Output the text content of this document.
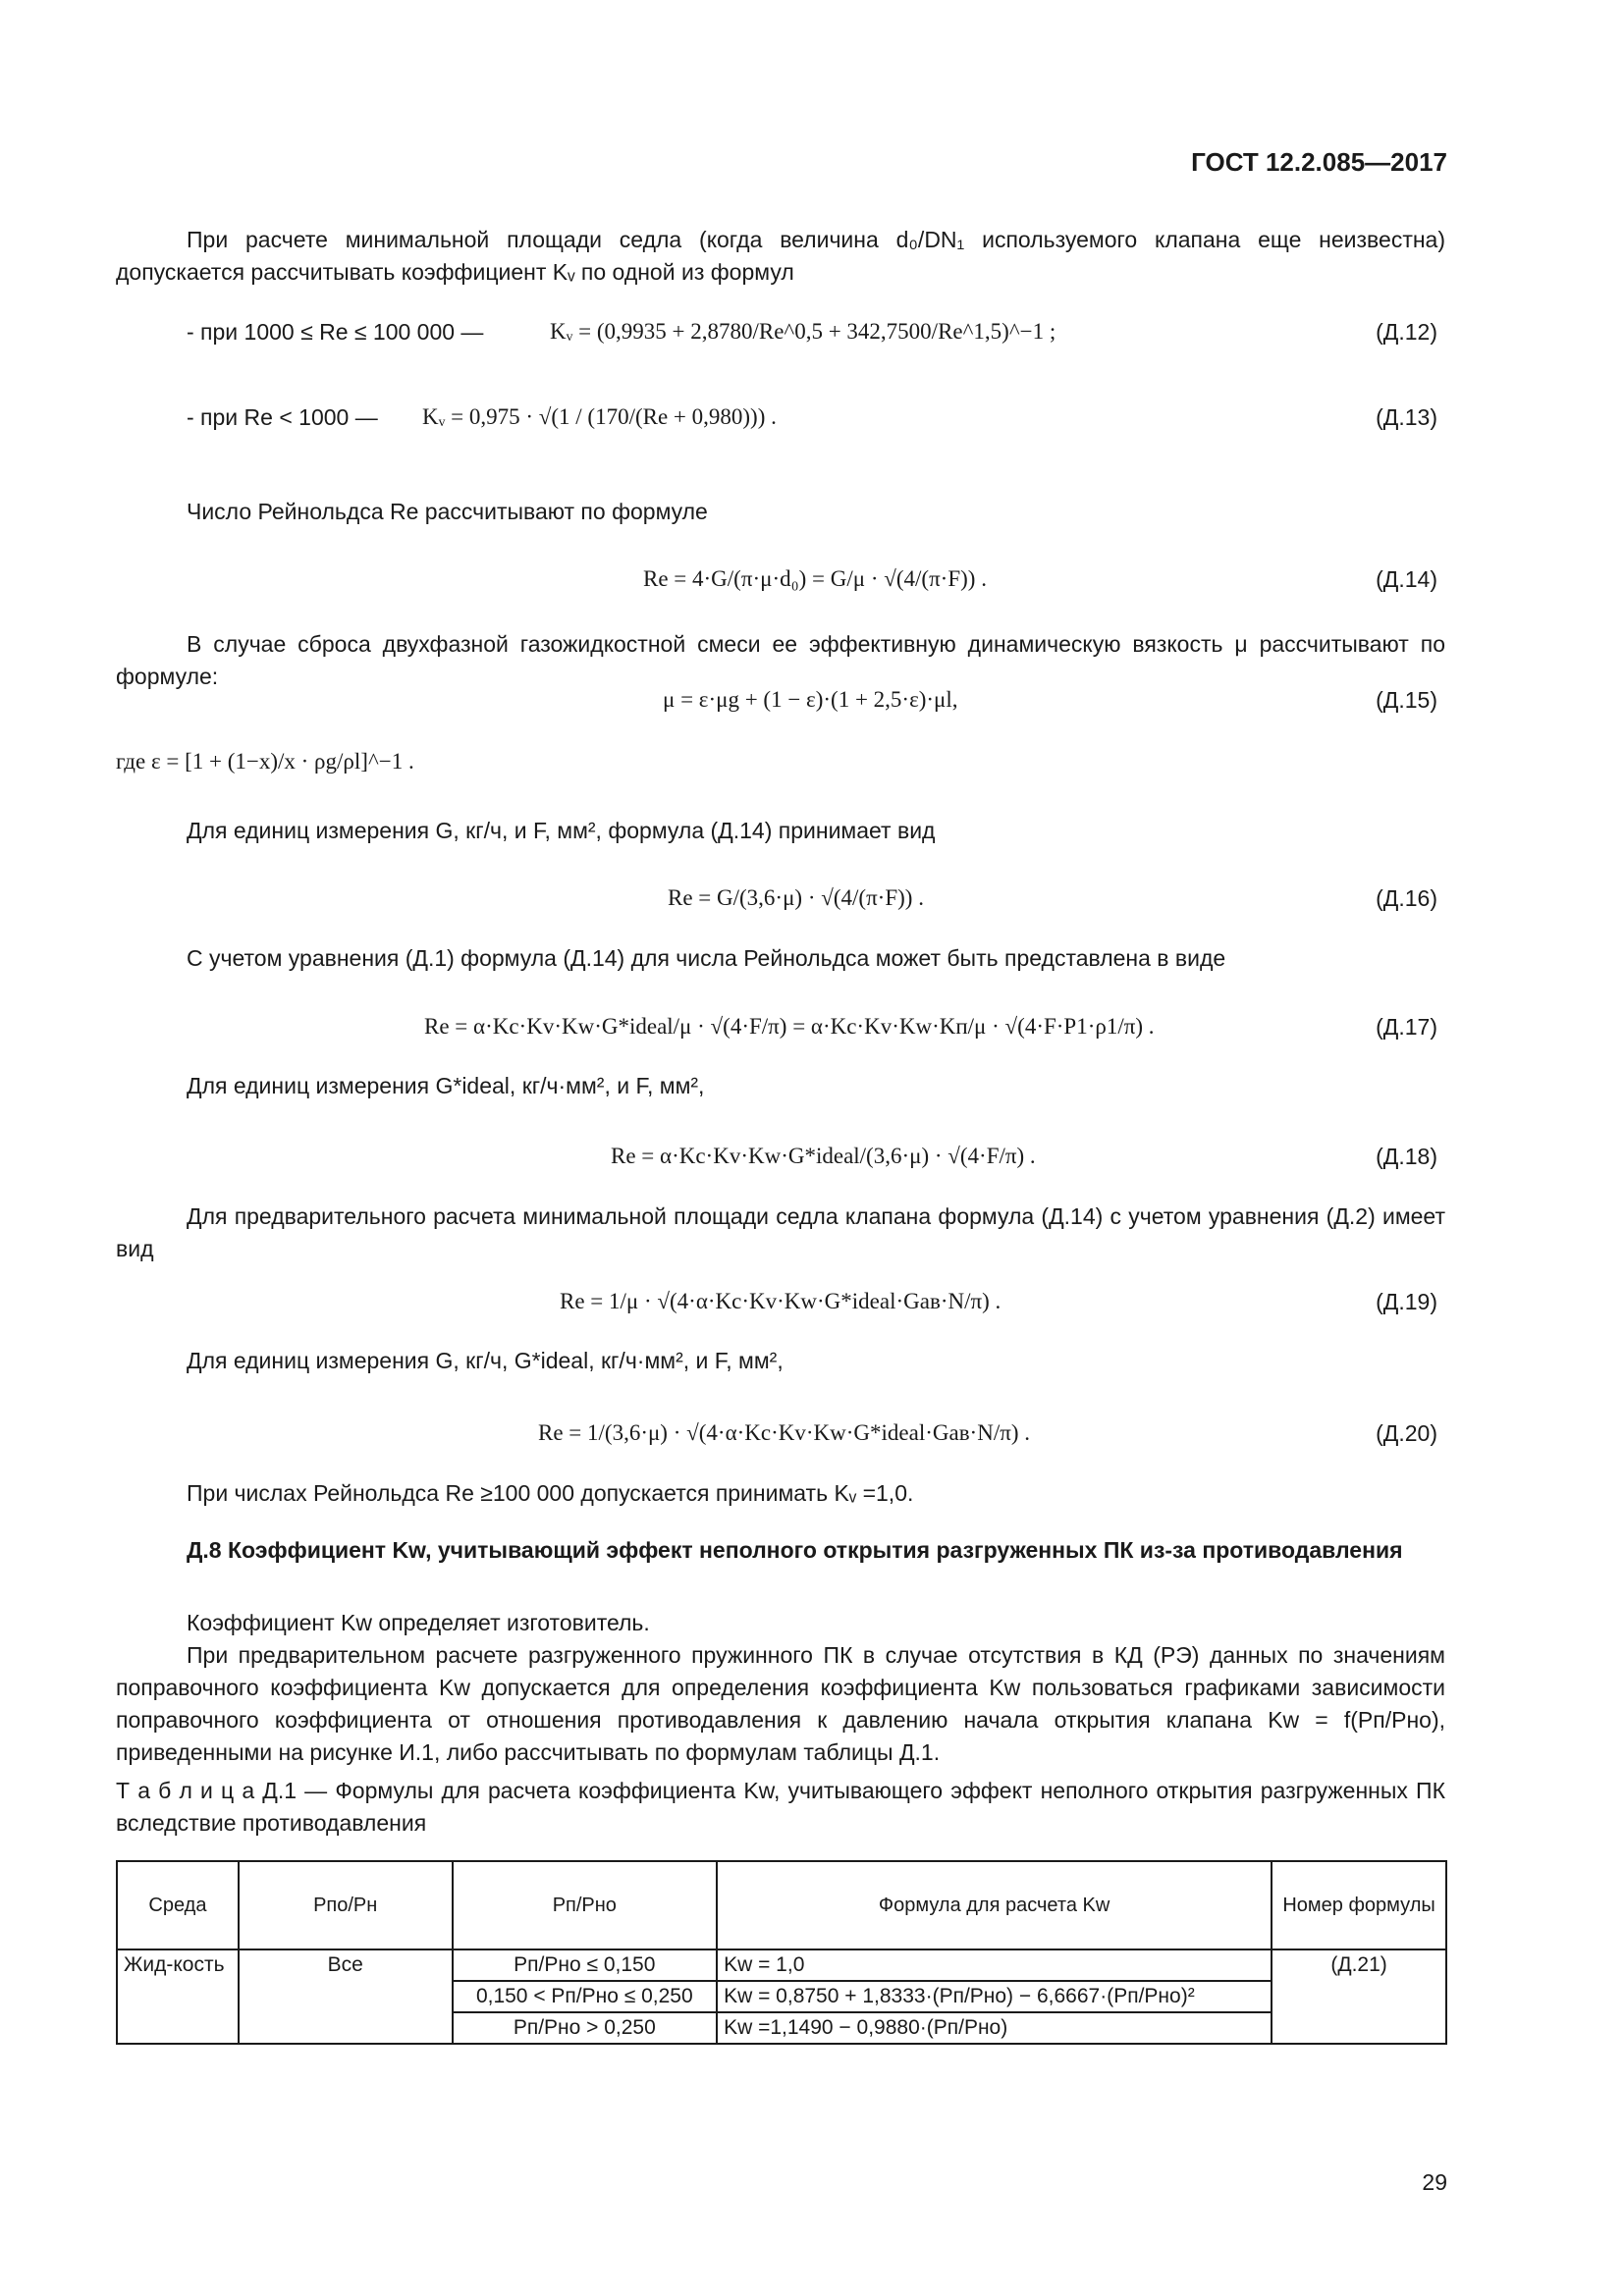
ГОСТ 12.2.085—2017
При расчете минимальной площади седла (когда величина d₀/DN₁ используемого клапана еще неизвестна) допускается рассчитывать коэффициент Kᵥ по одной из формул
- при 1000 ≤ Re ≤ 100 000 —	Kᵥ = (0,9935 + 2,8780/Re^0,5 + 342,7500/Re^1,5)^−1 ;	(Д.12)
- при Re < 1000 — Kᵥ = 0,975 · √(1 / (170/(Re + 0,980))) .	(Д.13)
Число Рейнольдса Re рассчитывают по формуле
Re = 4·G/(π·μ·d₀) = G/μ · √(4/(π·F)) .	(Д.14)
В случае сброса двухфазной газожидкостной смеси ее эффективную динамическую вязкость μ рассчитывают по формуле:
μ = ε·μg + (1 − ε)·(1 + 2,5·ε)·μl,	(Д.15)
где ε = [1 + (1−x)/x · ρg/ρl]^−1 .
Для единиц измерения G, кг/ч, и F, мм², формула (Д.14) принимает вид
Re = G/(3,6·μ) · √(4/(π·F)) .	(Д.16)
С учетом уравнения (Д.1) формула (Д.14) для числа Рейнольдса может быть представлена в виде
Re = α·Kc·Kv·Kw·G*ideal/μ · √(4·F/π) = α·Kc·Kv·Kw·Kп/μ · √(4·F·P1·ρ1/π) .	(Д.17)
Для единиц измерения G*ideal, кг/ч·мм², и F, мм²,
Re = α·Kc·Kv·Kw·G*ideal/(3,6·μ) · √(4·F/π) .	(Д.18)
Для предварительного расчета минимальной площади седла клапана формула (Д.14) с учетом уравнения (Д.2) имеет вид
Re = 1/μ · √(4·α·Kc·Kv·Kw·G*ideal·Gав·N/π) .	(Д.19)
Для единиц измерения G, кг/ч, G*ideal, кг/ч·мм², и F, мм²,
Re = 1/(3,6·μ) · √(4·α·Kc·Kv·Kw·G*ideal·Gав·N/π) .	(Д.20)
При числах Рейнольдса Re ≥100 000 допускается принимать Kᵥ =1,0.
Д.8 Коэффициент Kw, учитывающий эффект неполного открытия разгруженных ПК из-за противодавления
Коэффициент Kw определяет изготовитель.
При предварительном расчете разгруженного пружинного ПК в случае отсутствия в КД (РЭ) данных по значениям поправочного коэффициента Kw допускается для определения коэффициента Kw пользоваться графиками зависимости поправочного коэффициента от отношения противодавления к давлению начала открытия клапана Kw = f(Pп/Pно), приведенными на рисунке И.1, либо рассчитывать по формулам таблицы Д.1.
Т а б л и ц а Д.1 — Формулы для расчета коэффициента Kw, учитывающего эффект неполного открытия разгруженных ПК вследствие противодавления
Среда	Pпо/Pн	Pп/Pно	Формула для расчета Kw	Номер формулы
Жид-кость	Все	Pп/Pно ≤ 0,150	Kw = 1,0	(Д.21)
		0,150 < Pп/Pно ≤ 0,250	Kw = 0,8750 + 1,8333·(Pп/Pно) − 6,6667·(Pп/Pно)²	
		Pп/Pно > 0,250	Kw =1,1490 − 0,9880·(Pп/Pно)	
29
